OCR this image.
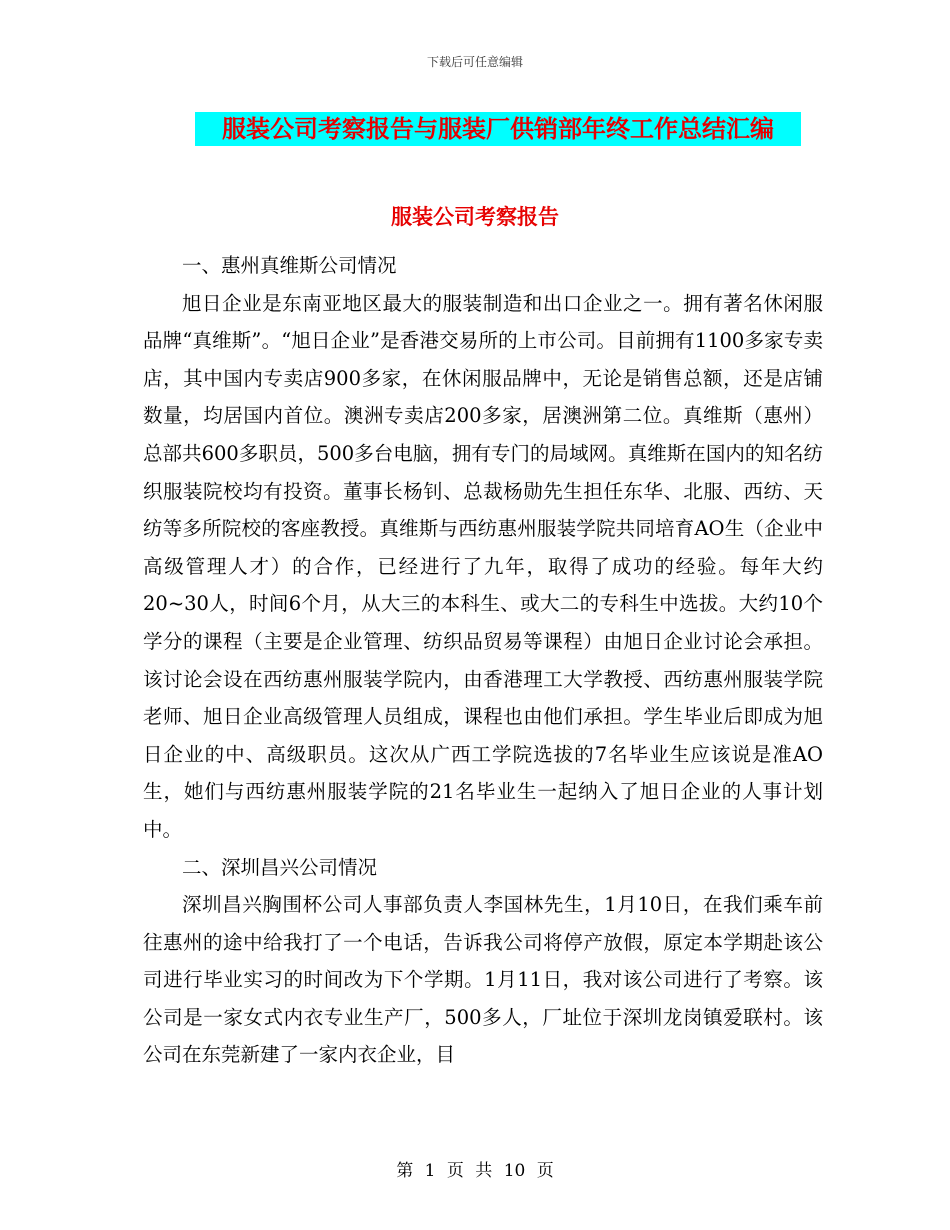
下载后可任意编辑
服装公司考察报告与服装厂供销部年终工作总结汇编
服装公司考察报告

一、惠州真维斯公司情况

旭日企业是东南亚地区最大的服装制造和出口企业之一。拥有著名休闲服品牌“真维斯”。“旭日企业”是香港交易所的上市公司。目前拥有1100多家专卖店，其中国内专卖店900多家，在休闲服品牌中，无论是销售总额，还是店铺数量，均居国内首位。澳洲专卖店200多家，居澳洲第二位。真维斯（惠州）总部共600多职员，500多台电脑，拥有专门的局域网。真维斯在国内的知名纺织服装院校均有投资。董事长杨钊、总裁杨勋先生担任东华、北服、西纺、天纺等多所院校的客座教授。真维斯与西纺惠州服装学院共同培育AO生（企业中高级管理人才）的合作，已经进行了九年，取得了成功的经验。每年大约20~30人，时间6个月，从大三的本科生、或大二的专科生中选拔。大约10个学分的课程（主要是企业管理、纺织品贸易等课程）由旭日企业讨论会承担。该讨论会设在西纺惠州服装学院内，由香港理工大学教授、西纺惠州服装学院老师、旭日企业高级管理人员组成，课程也由他们承担。学生毕业后即成为旭日企业的中、高级职员。这次从广西工学院选拔的7名毕业生应该说是准AO生，她们与西纺惠州服装学院的21名毕业生一起纳入了旭日企业的人事计划中。

二、深圳昌兴公司情况

深圳昌兴胸围杯公司人事部负责人李国林先生，1月10日，在我们乘车前往惠州的途中给我打了一个电话，告诉我公司将停产放假，原定本学期赴该公司进行毕业实习的时间改为下个学期。1月11日，我对该公司进行了考察。该公司是一家女式内衣专业生产厂，500多人，厂址位于深圳龙岗镇爱联村。该公司在东莞新建了一家内衣企业，目

第 1 页 共 10 页
